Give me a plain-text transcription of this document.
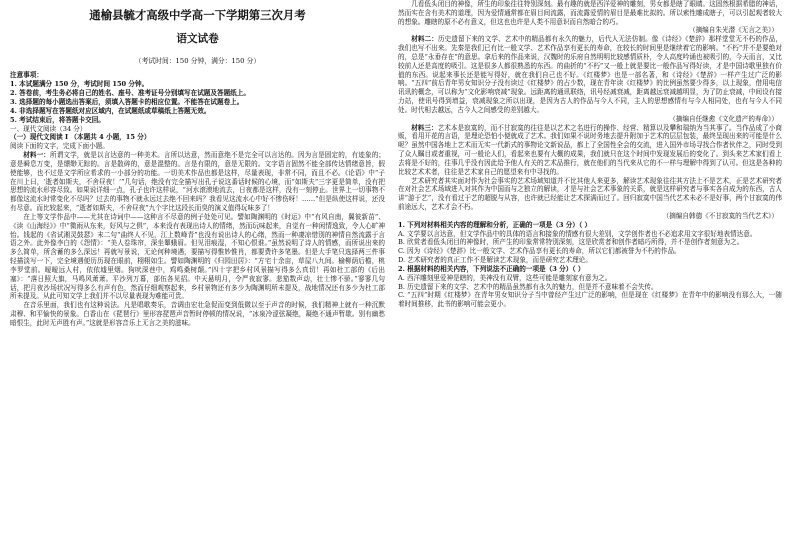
通榆县毓才高级中学高一下学期第三次月考

语文试卷

（考试时间：150 分钟，满分：150 分）

注意事项：

1. 本试题满分 150 分，考试时间 150 分钟。

2. 答卷前，考生务必将自己的姓名、座号、准考证号分别填写在试题及答题纸上。

3. 选择题的每小题选出答案后，须填入答题卡的相应位置。不能答在试题卷上。

4. 非选择题写在答题纸对应区域内，在试题纸或草稿纸上答题无效。

5. 考试结束后，将答题卡交回。

一、现代文阅读（34 分）

（一）现代文阅读 Ⅰ （本题共 4 小题，15 分）

阅读下面的文字，完成下面小题。

材料一：所谓文学，就是以言达意的一种美术。言所以达意，然而意绝不是完全可以言达的。因为言是固定的，有迹象的；意是瞬息万变，是缥缈无踪的。言是散碎的，意是混整的。言是有限的，意是无限的。文字语言固然不能全部传达情绪意旨，假使能够，也不过是文学所应希求的一小部分的功能。一切美术作品也都是这样，尽量表现，非常不同，而且不必。《论语》中“子在川上曰，‘逝者如斯夫，不舍昼夜！’”几句话，绝没有完全描写出孔子说这番话时候的心境，而“如斯夫”三字更是简单，没有把思想的流水形容尽致。如果说详细一点，孔子也许这样说，“河水滚滚地流去，日夜都是这样，没有一刻停止。世界上一切事物不都像这流水时常变化不尽吗？过去的事物不就永远过去绝不回来吗？我看见这流水心中好不惨伤呀！……”但是纵使这样说，还没有尽意。而比较起来，“逝者如斯夫，不舍昼夜”九个字比这段长而臭的演义值得玩味多了！

在上等文学作品中——尤其在诗词中——这种言不尽意的例子处处可见。譬如陶渊明的《时运》中“有风自南，翼彼新苗”、《读《山海经》》中“微雨从东来，好风与之俱”，本来没有表现出诗人的情绪，然而玩味起来，自觉有一种闲情逸致，令人心旷神怡。钱起的《省试湘灵鼓瑟》末二句“曲终人不见，江上数峰青”也没有说出诗人的心绪，然而一种凄凉惜别的神情自然流露于言语之外。此外像李白的《怨情》：“美人卷珠帘，深坐颦蛾眉。但见泪痕湿，不知心恨谁。”虽然说明了诗人的情感，而所说出来的多么简单，所含蓄的多么深远！再就写景说，无论何种境遇，要描写得惟妙惟肖，都要费许多笔墨。但是大手笔只选择两三件事轻描淡写一下，完全境遇便历历现在眼前，栩栩如生。譬如陶渊明的《归园田居》：“方宅十余亩，草屋八九间。榆柳荫后檐，桃李罗堂前。暧暧远人村，依依墟里烟。狗吠深巷中，鸡鸣桑树颠。”四十字把乡村风景描写得多么真切！再如杜工部的《后出塞》：“落日照大旗，马鸣风萧萧。平沙列万幕，部伍各见招。中天悬明月，令严夜寂寥。悲笳数声动，壮士惨不骄。”寥寥几句话，把月夜沙场状况写得多么有声有色，然而仔细观察起来，乡村景物还有多少为陶渊明所未提及，战地情况还有多少为杜工部所未提及。从此可知文学上我们并不以尽量表现为难能可贵。

在音乐里面，我们也有这种说法。凡是唱歌奏乐，音调由宏壮急促而变到低微以至于声音的时候，我们精神上就有一种沉默肃穆、和平愉快的景象。白香山在《琵琶行》里形容琵琶声音暂时停顿的情况说，“冰泉冷涩弦凝绝，凝绝不通声暂歇。别有幽愁暗恨生，此时无声胜有声。”这就是形容音乐上无言之美的滋味。

几看低头闭目的神像，所生的印象往往特别深刻。最有趣的就是西洋爱神的雕刻，男女都是瞎了眼睛。这固然根据希腊的神话，然而实在含有美术的道理，因为爱情通常都在眉目间流露，而流露爱情的眉目是最难比拟的。所以索性雕成瞎子，可以引起观者较大的想象。雕瞎的原不必有意义，但这也也许是人类不用意识而自然暗合的巧。

（摘编自朱光潜《无言之美》）

材料二：历史遗留下来的文学、艺术中的精品都有永久的魅力，后代人无法仿制。像《诗经》《楚辞》那样堂堂无不朽的作品，我们也写不出来。先秦是我们已有比一般文学、艺术作品享有更长的寿命，在较长的时间里是继续着它的影响。“不朽”并不是要绝对的，总是“永垂存在”的意思。拿后来的作品来说，汉魏时的乐府自然明明比较感情质朴，令人高度吟诵也被吸引的，今天而言，又比较前人还是高度的吸引。这是很多人都很熟悉的东西。的曲折的“不朽”又一般上就是要比一般作品写得好读，才是中国诗歌里独有价值的东西。说起来事长还是能写得好，就在我们自己也不好。《红楼梦》也是一部名著，和《诗经》《楚辞》一样产生过广泛的影响。“五四”前后青年男女知识分子没有读过《红楼梦》的占少数，现在青年读《红楼梦》的比例虽然要少得多，以上现象，借用电信讯讯的概念，可以称为“文化影响衰减”现象。远距离的通讯联络，讯号经减衰减，距离越远衰减越明显，为了防止衰减，中间设有接力站，使讯号得到增益，衰减现象之所以出现，是因为古人的作品与今人不同，主人的思想感情有与今人相同处，也有与今人不同处。时代相去越远，古今人之间感受的差别越大。

（摘编自任继愈《文化遗产的寿命》）

材料三：艺术本是寂寞的，而不甘寂寞的往往是以艺术之名进行的操作、经营、精算以及攀和瑞纳为当其事了。当作品成了小商贩，看用开花的言语，是理论恐怕小便就成了艺术。我们如果不说时务地去提升附加于艺术的层层包装，最终呈现出来的可能是什么呢？虽然中国各地上艺术而无实一代新式的事物论文新说品，都上了全国性全会的交流，进入国外市场寻找合作者伙伴之，同时受到了众人瞩目或者重视，可一般论人们，看起来也要有大概的成果，我们就只在这个时间中发现发展后的变化了。到头来艺术家们看上去将是不好的，往事几乎没有因此给予他人有关的艺术品推行，就在他们的当代来从它的不一样与理解中得到了认可。但这是各种的比较艺术术者，往往是艺术家自己的愿望来有中寻找的。

艺术研究者其实面对作为社会事实的艺术场域知道并不比其他人来更多，解读艺术现象往往其方法上不是艺术，正是艺术研究者在对社会艺术场域进入对其作为中国而与之独立的解读，才是与社会艺术事象的关系，就是这样研究者与事实各自成为的东西，古人讲“游于艺”，没有看过于艺的超脱与从容，也许就已经能让艺术探满而过了。回归寂寞中国当代艺术未必不是好事，两个甘寂寞的伟前途远大，艺术才会不朽。

（摘编自韩德《不甘寂寞的当代艺术》）

1. 下列对材料相关内容的理解和分析，正确的一项是（3 分）（ ）

A. 文学要以言达意，但文学作品中的具体的语言和接象的情感有很大差别，文学创作者也不必追求用文字很好地表情达意。

B. 欣赏者看低头闭目的神像时，所产生的印象常常特别深刻，这是欣赏者和创作者暗巧所得，并不是创作者刻意为之。

C. 因为《诗经》《楚辞》比一般文学、艺术作品享有更长的寿命，所以它们都被誉为不朽的作品。

D. 艺术研究者的真正工作不是解读艺术现象，而是研究艺术理论。

2. 根据材料的相关内容，下列说法不正确的一项是（3 分）（ ）

A. 西洋雕刻里爱神是瞎的，美神没有双臂，这些可能是雕刻家有意为之。

B. 历史遗留下来的文学、艺术中的精品虽然都有永久的魅力，但是并不意味着不会失传。

C. “五四”时期《红楼梦》在青年男女知识分子当中曾经产生过广泛的影响，但是现在《红楼梦》在青年中的影响没有那么大，一随着时间推移，此书的影响可能会更小。
